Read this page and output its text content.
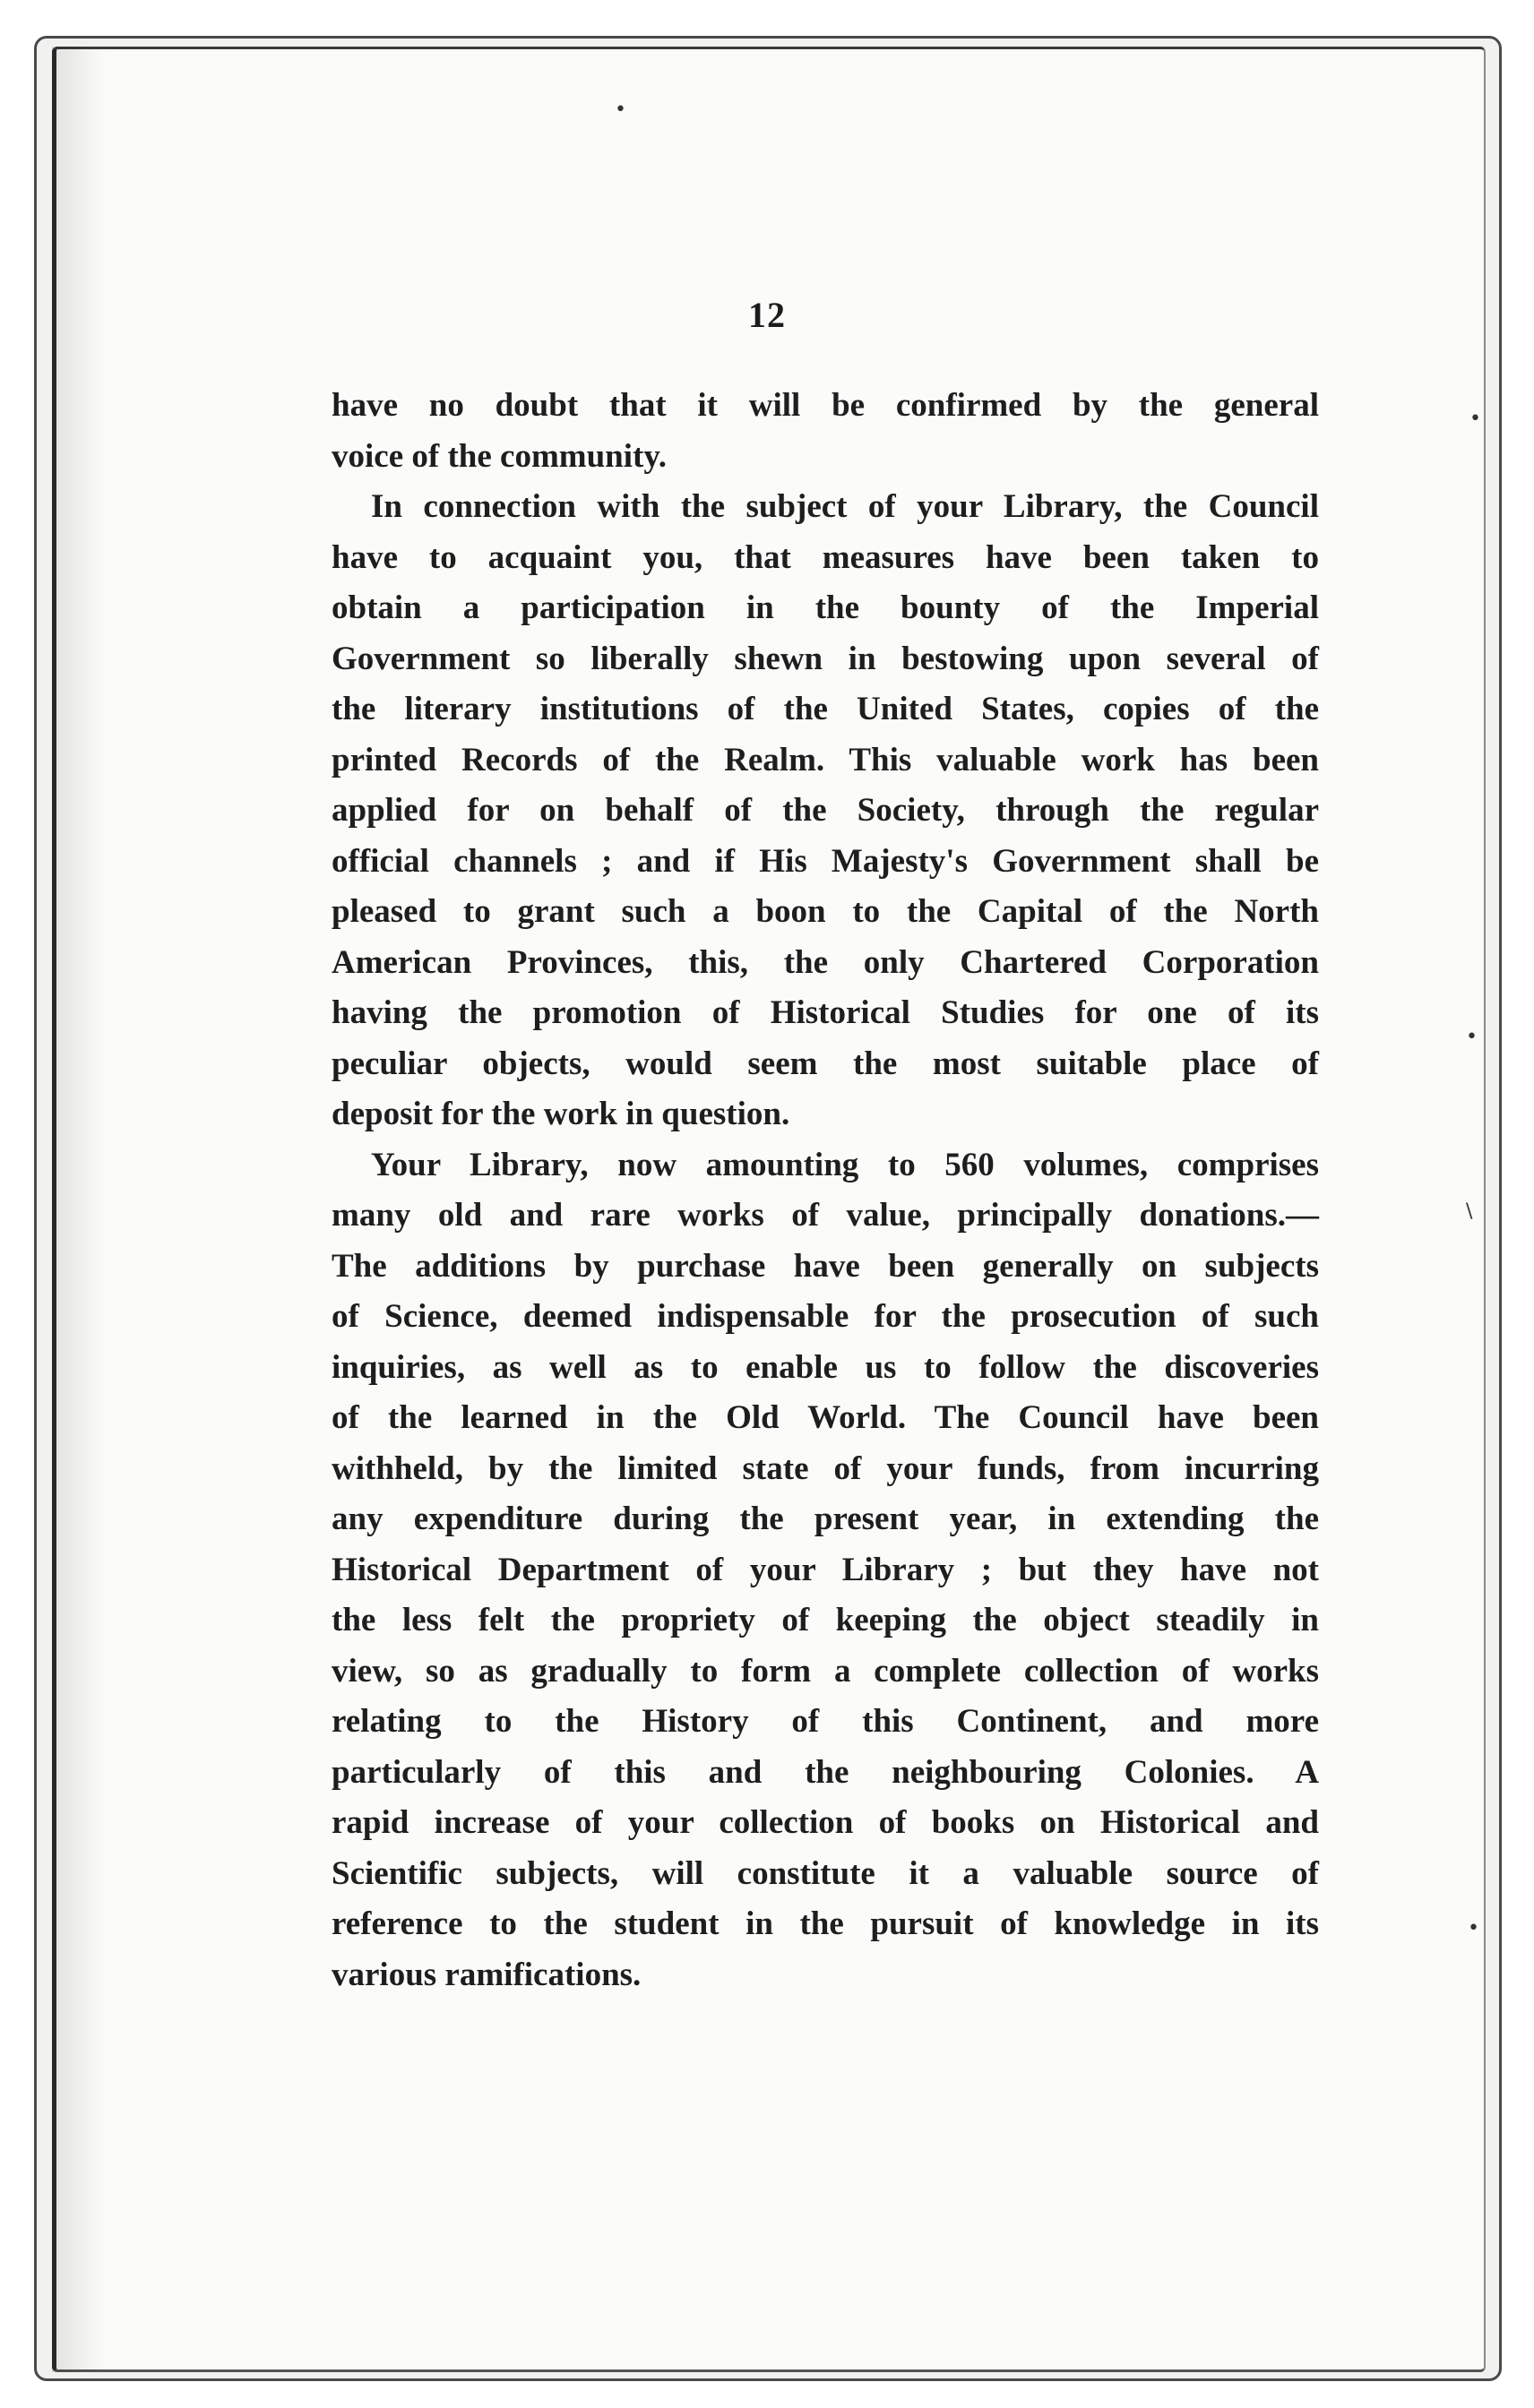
•
•
•
\
•
12

have no doubt that it will be confirmed by the general
voice of the community.

In connection with the subject of your Library, the Council
have to acquaint you, that measures have been taken to
obtain a participation in the bounty of the Imperial
Government so liberally shewn in bestowing upon several of
the literary institutions of the United States, copies of the
printed Records of the Realm. This valuable work has been
applied for on behalf of the Society, through the regular
official channels ; and if His Majesty's Government shall be
pleased to grant such a boon to the Capital of the North
American Provinces, this, the only Chartered Corporation
having the promotion of Historical Studies for one of its
peculiar objects, would seem the most suitable place of
deposit for the work in question.

Your Library, now amounting to 560 volumes, comprises
many old and rare works of value, principally donations.—
The additions by purchase have been generally on subjects
of Science, deemed indispensable for the prosecution of such
inquiries, as well as to enable us to follow the discoveries
of the learned in the Old World. The Council have been
withheld, by the limited state of your funds, from incurring
any expenditure during the present year, in extending the
Historical Department of your Library ; but they have not
the less felt the propriety of keeping the object steadily in
view, so as gradually to form a complete collection of works
relating to the History of this Continent, and more
particularly of this and the neighbouring Colonies. A
rapid increase of your collection of books on Historical and
Scientific subjects, will constitute it a valuable source of
reference to the student in the pursuit of knowledge in its
various ramifications.
